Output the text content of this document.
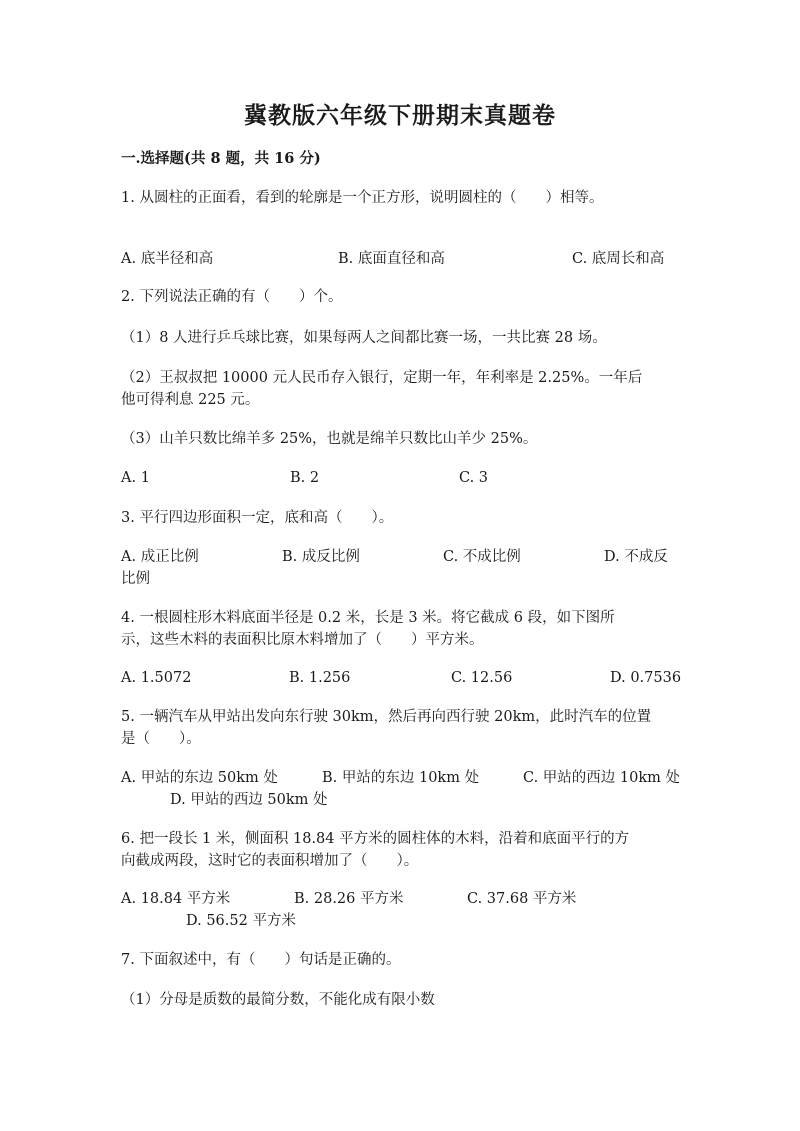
冀教版六年级下册期末真题卷
一.选择题(共 8 题，共 16 分)
1. 从圆柱的正面看，看到的轮廓是一个正方形，说明圆柱的（　　）相等。
A. 底半径和高	B. 底面直径和高	C. 底周长和高
2. 下列说法正确的有（　　）个。
（1）8 人进行乒乓球比赛，如果每两人之间都比赛一场，一共比赛 28 场。
（2）王叔叔把 10000 元人民币存入银行，定期一年，年利率是 2.25%。一年后
他可得利息 225 元。
（3）山羊只数比绵羊多 25%，也就是绵羊只数比山羊少 25%。
A. 1	B. 2	C. 3
3. 平行四边形面积一定，底和高（　　）。
A. 成正比例	B. 成反比例	C. 不成比例	D. 不成反
比例
4. 一根圆柱形木料底面半径是 0.2 米，长是 3 米。将它截成 6 段，如下图所
示，这些木料的表面积比原木料增加了（　　）平方米。
A. 1.5072	B. 1.256	C. 12.56	D. 0.7536
5. 一辆汽车从甲站出发向东行驶 30km，然后再向西行驶 20km，此时汽车的位置
是（　　）。
A. 甲站的东边 50km 处	B. 甲站的东边 10km 处	C. 甲站的西边 10km 处
D. 甲站的西边 50km 处
6. 把一段长 1 米，侧面积 18.84 平方米的圆柱体的木料，沿着和底面平行的方
向截成两段，这时它的表面积增加了（　　）。
A. 18.84 平方米	B. 28.26 平方米	C. 37.68 平方米
D. 56.52 平方米
7. 下面叙述中，有（　　）句话是正确的。
（1）分母是质数的最简分数，不能化成有限小数
